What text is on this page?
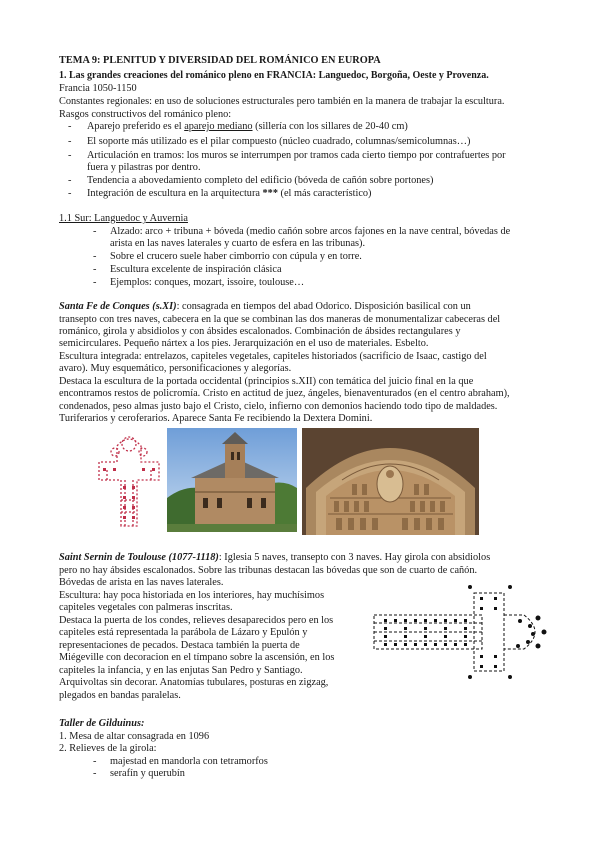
TEMA 9: PLENITUD Y DIVERSIDAD DEL ROMÁNICO EN EUROPA
1. Las grandes creaciones del románico pleno en FRANCIA: Languedoc, Borgoña, Oeste y Provenza.
Francia 1050-1150
Constantes regionales: en uso de soluciones estructurales pero también en la manera de trabajar la escultura.
Rasgos constructivos del románico pleno:
- Aparejo preferido es el aparejo mediano (sillería con los sillares de 20-40 cm)
- El soporte más utilizado es el pilar compuesto (núcleo cuadrado, columnas/semicolumnas…)
- Articulación en tramos: los muros se interrumpen por tramos cada cierto tiempo por contrafuertes por
fuera y pilastras por dentro.
- Tendencia a abovedamiento completo del edificio (bóveda de cañón sobre portones)
- Integración de escultura en la arquitectura *** (el más característico)
1.1 Sur: Languedoc y Auvernia
- Alzado: arco + tribuna + bóveda (medio cañón sobre arcos fajones en la nave central, bóvedas de
arista en las naves laterales y cuarto de esfera en las tribunas).
- Sobre el crucero suele haber cimborrio con cúpula y en torre.
- Escultura excelente de inspiración clásica
- Ejemplos: conques, mozart, issoire, toulouse…
Santa Fe de Conques (s.XI): consagrada en tiempos del abad Odorico. Disposición basilical con un
transepto con tres naves, cabecera en la que se combinan las dos maneras de monumentalizar cabeceras del
románico, girola y absidiolos y con ábsides escalonados. Combinación de ábsides rectangulares y
semicirculares. Pequeño nártex a los pies. Jerarquización en el uso de materiales. Esbelto.
Escultura integrada: entrelazos, capiteles vegetales, capiteles historiados (sacrificio de Isaac, castigo del
avaro). Muy esquemático, personificaciones y alegorías.
Destaca la escultura de la portada occidental (principios s.XII) con temática del juicio final en la que
encontramos restos de policromía. Cristo en actitud de juez, ángeles, bienaventurados (en el centro abraham),
condenados, peso almas justo bajo el Cristo, cielo, infierno con demonios haciendo todo tipo de maldades.
Turiferarios y ceroferarios. Aparece Santa Fe recibiendo la Dextera Domini.
Saint Sernin de Toulouse (1077-1118): Iglesia 5 naves, transepto con 3 naves. Hay girola con absidiolos
pero no hay ábsides escalonados. Sobre las tribunas destacan las bóvedas que son de cuarto de cañón.
Bóvedas de arista en las naves laterales.
Escultura: hay poca historiada en los interiores, hay muchísimos
capiteles vegetales con palmeras inscritas.
Destaca la puerta de los condes, relieves desaparecidos pero en los
capiteles está representada la parábola de Lázaro y Epulón y
representaciones de pecados. Destaca también la puerta de
Miégeville con decoracion en el tímpano sobre la ascensión, en los
capiteles la infancia, y en las enjutas San Pedro y Santiago.
Arquivoltas sin decorar. Anatomías tubulares, posturas en zigzag,
plegados en bandas paralelas.
Taller de Gilduinus:
1. Mesa de altar consagrada en 1096
2. Relieves de la girola:
- majestad en mandorla con tetramorfos
- serafín y querubín
